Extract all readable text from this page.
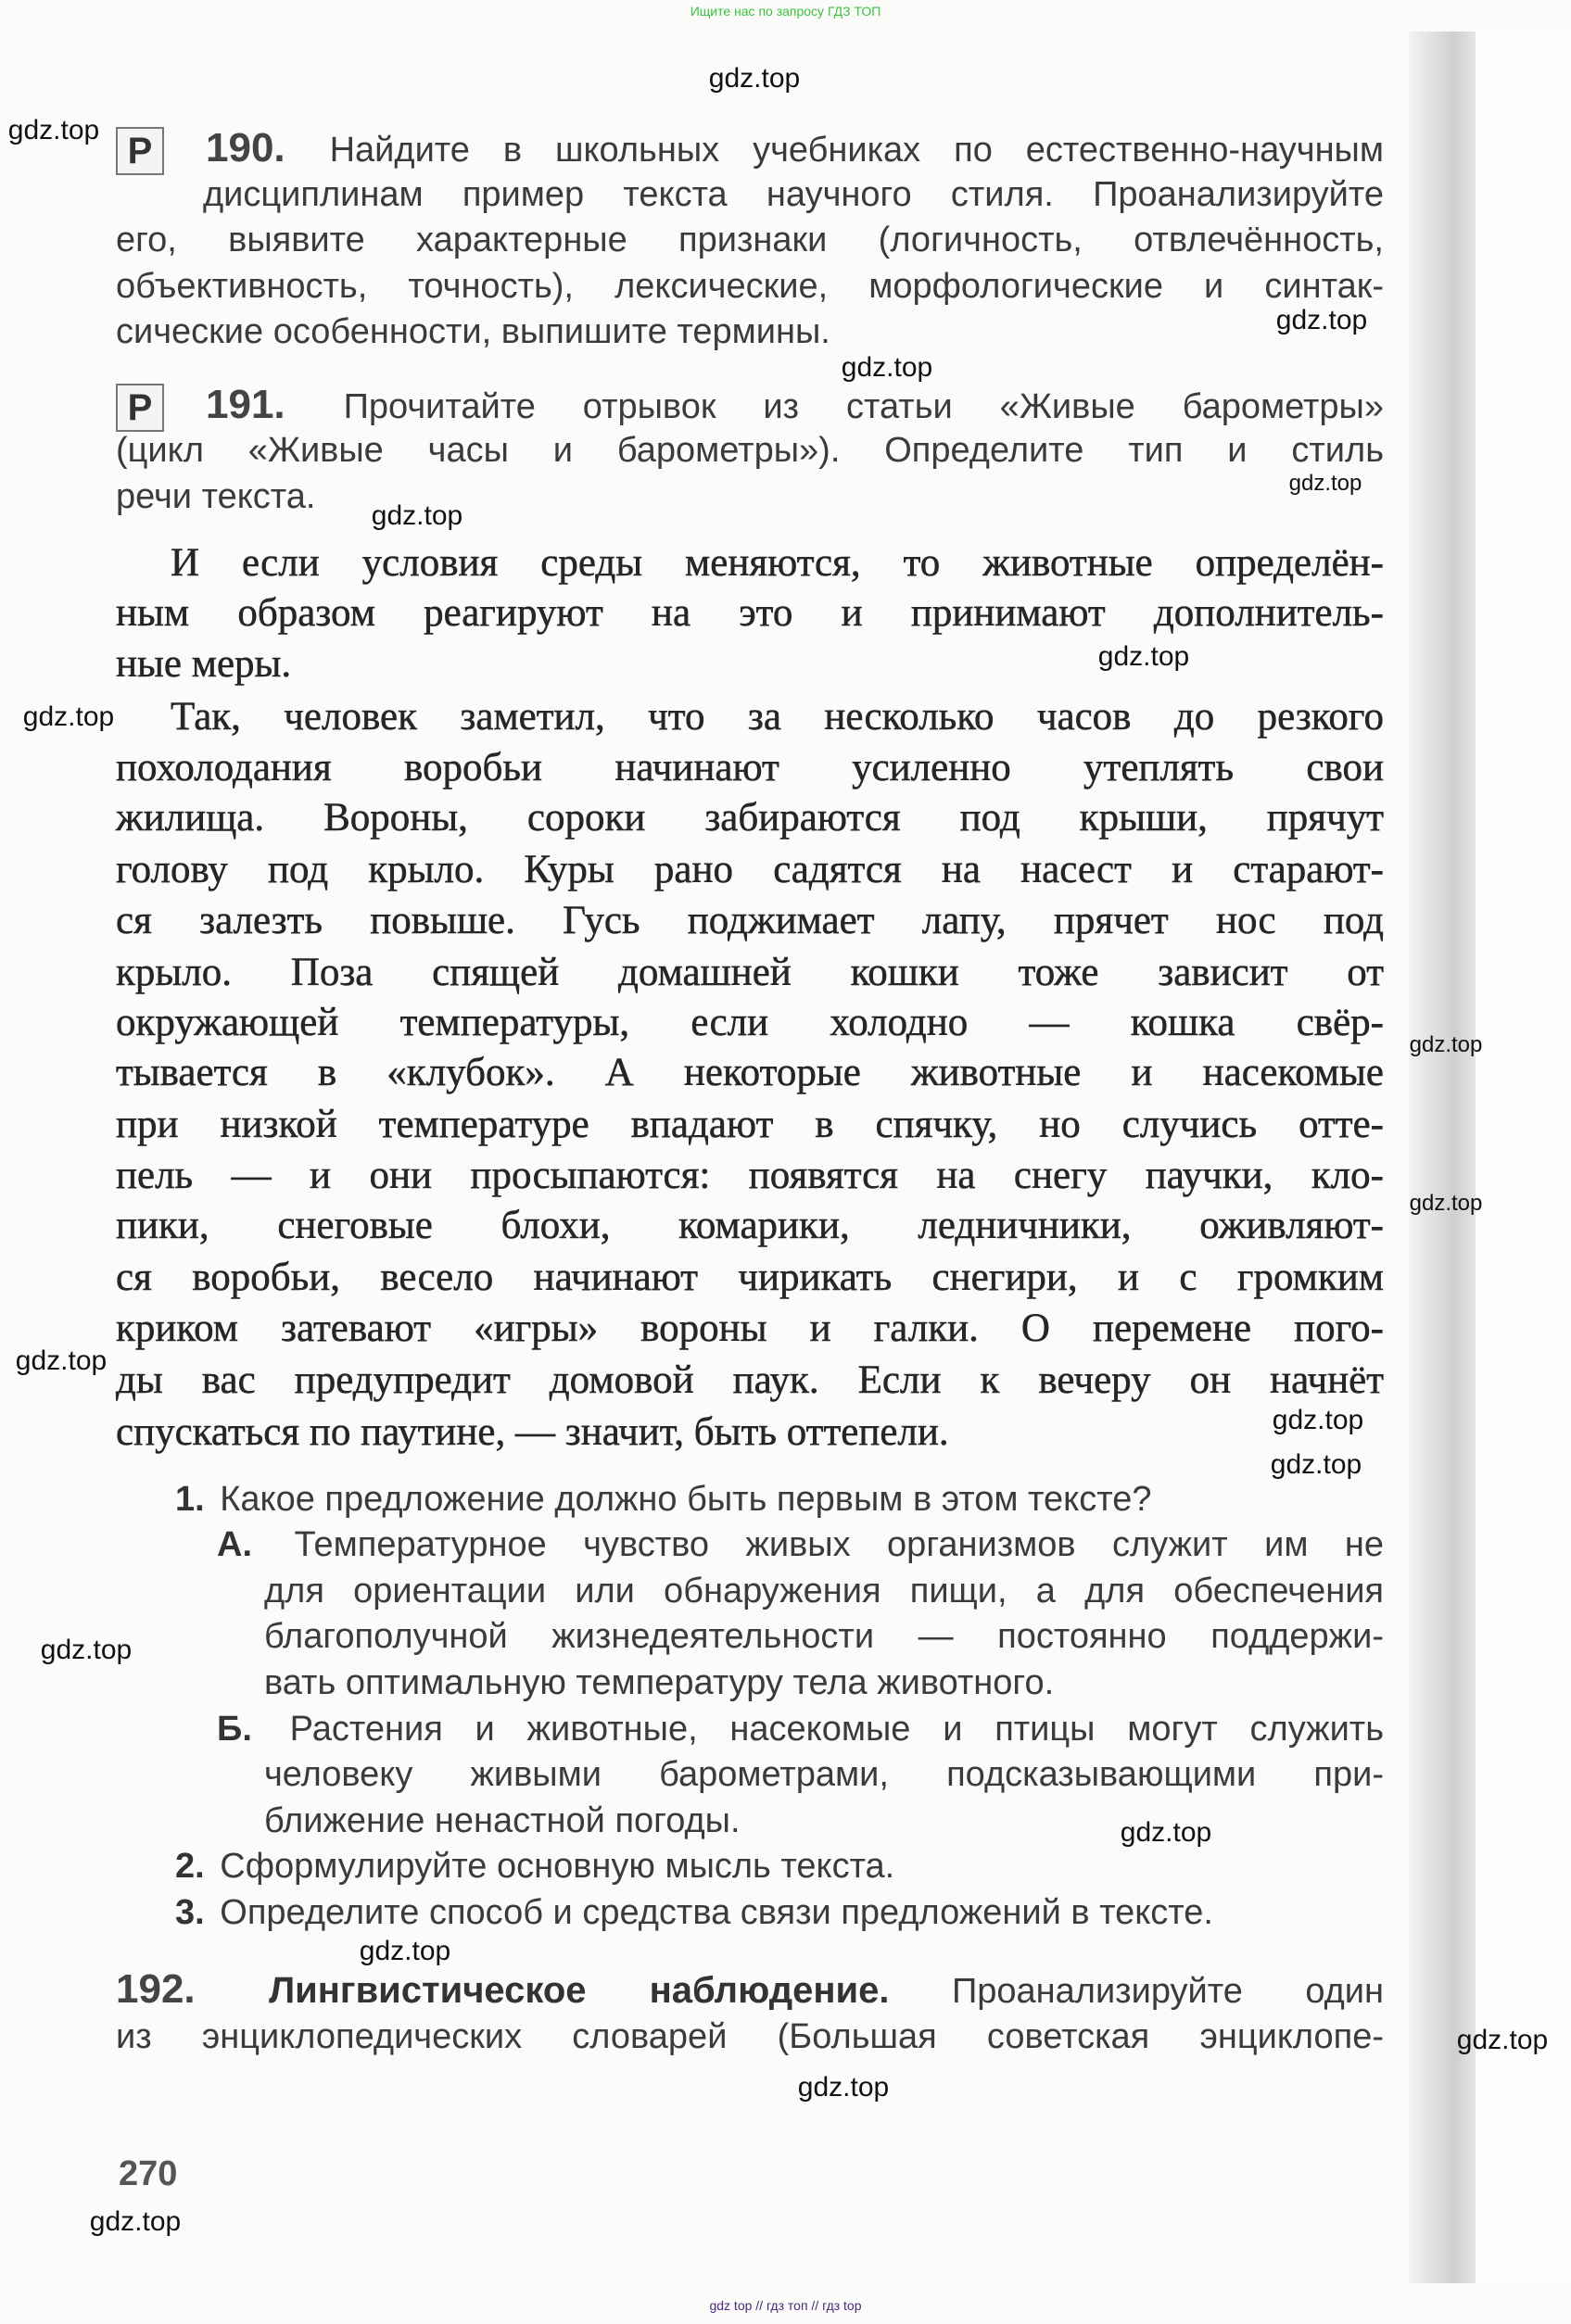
Ищите нас по запросу ГДЗ ТОП
gdz top // гдз топ // гдз top
Р
Р
270
190. Найдите в школьных учебниках по естественно-научным
дисциплинам пример текста научного стиля. Проанализируйте
его, выявите характерные признаки (логичность, отвлечённость,
объективность, точность), лексические, морфологические и синтак-
сические особенности, выпишите термины.
191. Прочитайте отрывок из статьи «Живые барометры»
(цикл «Живые часы и барометры»). Определите тип и стиль
речи текста.
И если условия среды меняются, то животные определён-
ным образом реагируют на это и принимают дополнитель-
ные меры.
Так, человек заметил, что за несколько часов до резкого
похолодания воробьи начинают усиленно утеплять свои
жилища. Вороны, сороки забираются под крыши, прячут
голову под крыло. Куры рано садятся на насест и старают-
ся залезть повыше. Гусь поджимает лапу, прячет нос под
крыло. Поза спящей домашней кошки тоже зависит от
окружающей температуры, если холодно — кошка свёр-
тывается в «клубок». А некоторые животные и насекомые
при низкой температуре впадают в спячку, но случись отте-
пель — и они просыпаются: появятся на снегу паучки, кло-
пики, снеговые блохи, комарики, ледничники, оживляют-
ся воробьи, весело начинают чирикать снегири, и с громким
криком затевают «игры» вороны и галки. О перемене пого-
ды вас предупредит домовой паук. Если к вечеру он начнёт
спускаться по паутине, — значит, быть оттепели.
1. Какое предложение должно быть первым в этом тексте?
А. Температурное чувство живых организмов служит им не
для ориентации или обнаружения пищи, а для обеспечения
благополучной жизнедеятельности — постоянно поддержи-
вать оптимальную температуру тела животного.
Б. Растения и животные, насекомые и птицы могут служить
человеку живыми барометрами, подсказывающими при-
ближение ненастной погоды.
2. Сформулируйте основную мысль текста.
3. Определите способ и средства связи предложений в тексте.
192. Лингвистическое наблюдение. Проанализируйте один
из энциклопедических словарей (Большая советская энциклопе-
gdz.top
gdz.top
gdz.top
gdz.top
gdz.top
gdz.top
gdz.top
gdz.top
gdz.top
gdz.top
gdz.top
gdz.top
gdz.top
gdz.top
gdz.top
gdz.top
gdz.top
gdz.top
gdz.top
